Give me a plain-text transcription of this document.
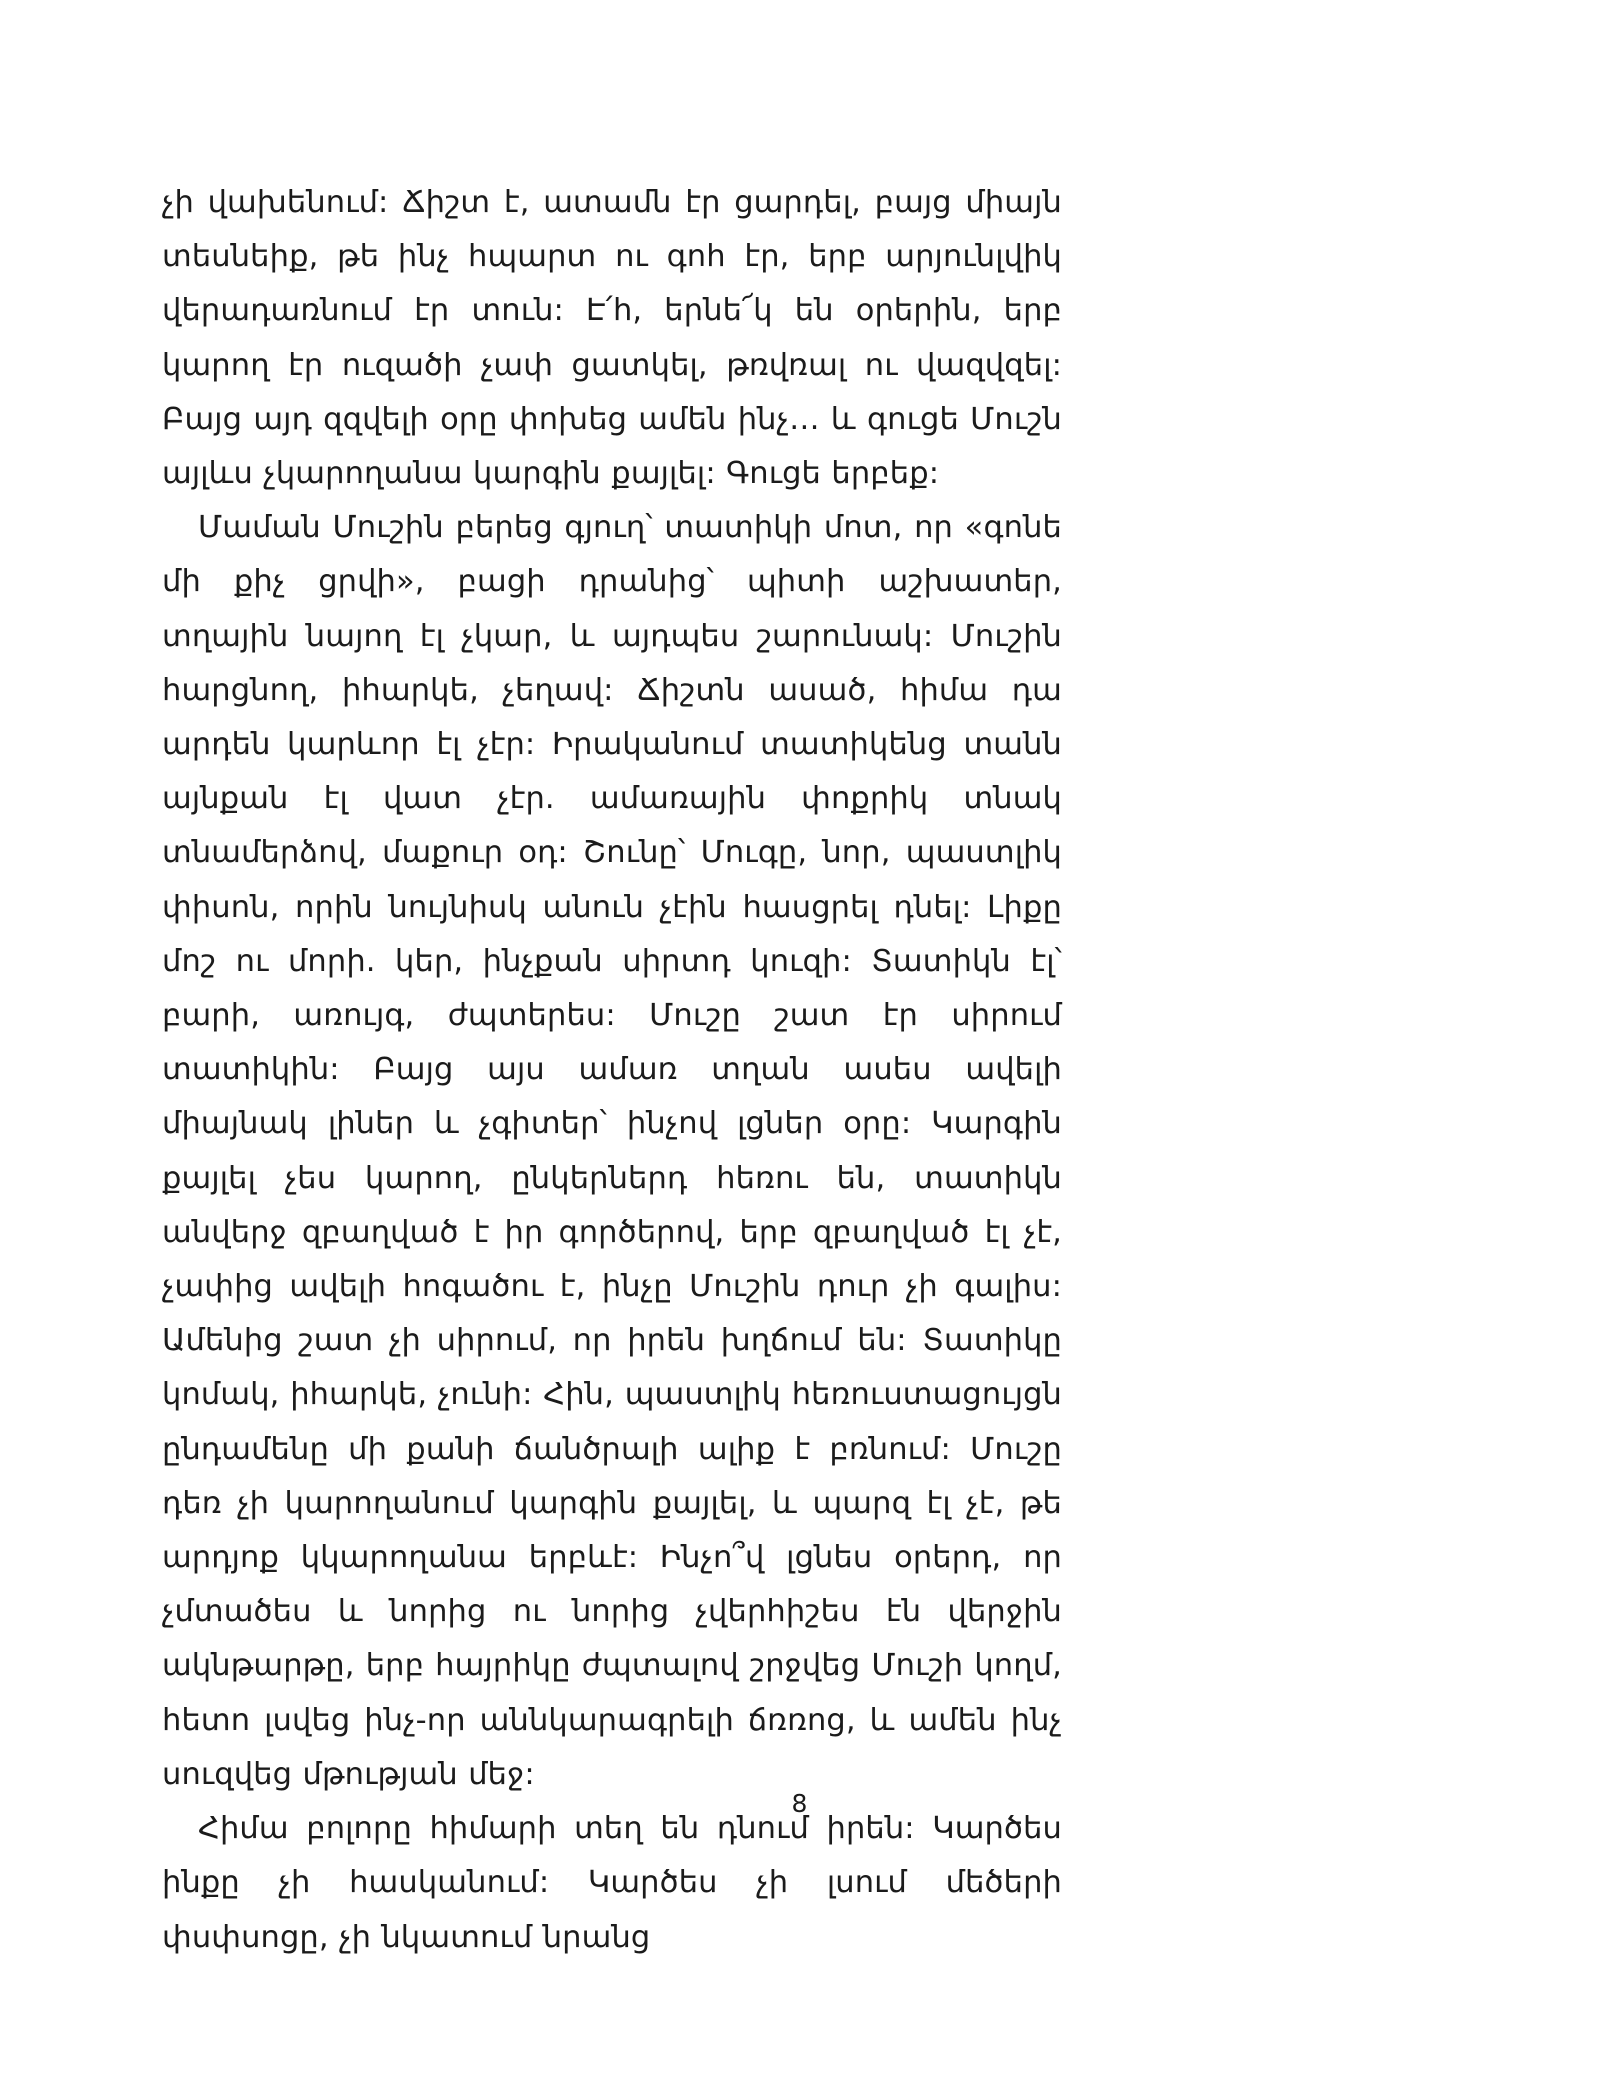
չի վախենում: Ճիշտ է, ատամն էր ցարդել, բայց միայն տեսնեիք, թե ինչ հպարտ ու գոհ էր, երբ արյունլվիկ վերադառնում էր տուն: Է՛հ, երնե՜կ են օրերին, երբ կարող էր ուզածի չափ ցատկել, թռվռալ ու վազվզել: Բայց այդ զզվելի օրը փոխեց ամեն ինչ… և գուցե Մուշն այլևս չկարողանա կարգին քայլել: Գուցե երբեք:

Մաման Մուշին բերեց գյուղ՝ տատիկի մոտ, որ «գոնե մի քիչ ցրվի», բացի դրանից՝ պիտի աշխատեր, տղային նայող էլ չկար, և այդպես շարունակ: Մուշին հարցնող, իհարկե, չեղավ: Ճիշտն ասած, հիմա դա արդեն կարևոր էլ չէր: Իրականում տատիկենց տանն այնքան էլ վատ չէր. ամառային փոքրիկ տնակ տնամերձով, մաքուր օդ: Շունը՝ Մուգը, նոր, պաստլիկ փիսոն, որին նույնիսկ անուն չէին հասցրել դնել: Լիքը մոշ ու մորի. կեր, ինչքան սիրտդ կուզի: Տատիկն էլ՝ բարի, առույգ, ժպտերես: Մուշը շատ էր սիրում տատիկին: Բայց այս ամառ տղան ասես ավելի միայնակ լիներ և չգիտեր՝ ինչով լցներ օրը: Կարգին քայլել չես կարող, ընկերներդ հեռու են, տատիկն անվերջ զբաղված է իր գործերով, երբ զբաղված էլ չէ, չափից ավելի հոգածու է, ինչը Մուշին դուր չի գալիս: Ամենից շատ չի սիրում, որ իրեն խղճում են: Տատիկը կոմակ, իհարկե, չունի: Հին, պաստլիկ հեռուստացույցն ընդամենը մի քանի ճանծրալի ալիք է բռնում: Մուշը դեռ չի կարողանում կարգին քայլել, և պարզ էլ չէ, թե արդյոք կկարողանա երբևէ: Ինչո՞վ լցնես օրերդ, որ չմտածես և նորից ու նորից չվերհիշես էն վերջին ակնթարթը, երբ հայրիկը ժպտալով շրջվեց Մուշի կողմ, հետո լսվեց ինչ-որ աննկարագրելի ճռռոց, և ամեն ինչ սուզվեց մթության մեջ:

Հիմա բոլորը հիմարի տեղ են դնում իրեն: Կարծես ինքը չի հասկանում: Կարծես չի լսում մեծերի փսփսոցը, չի նկատում նրանց

8
